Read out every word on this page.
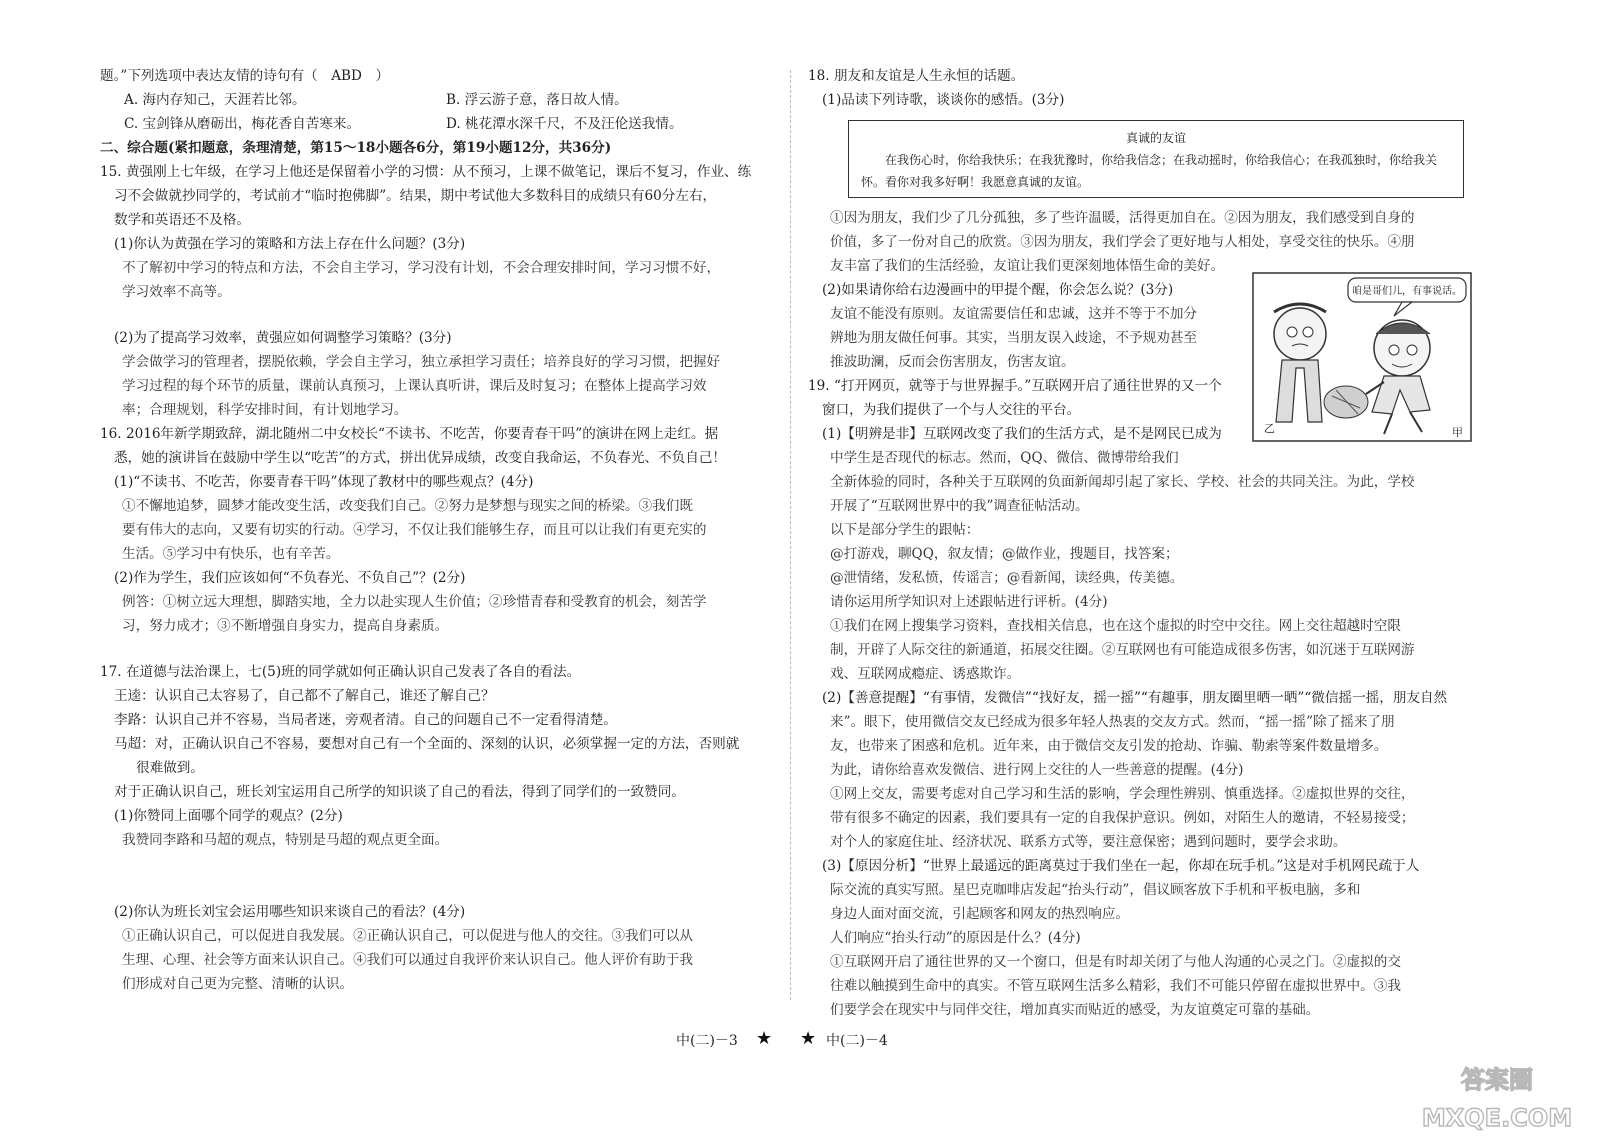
题。”下列选项中表达友情的诗句有（　ABD　）

A. 海内存知己，天涯若比邻。	B. 浮云游子意，落日故人情。
C. 宝剑锋从磨砺出，梅花香自苦寒来。	D. 桃花潭水深千尺，不及汪伦送我情。

二、综合题(紧扣题意，条理清楚，第15～18小题各6分，第19小题12分，共36分)

15. 黄强刚上七年级，在学习上他还是保留着小学的习惯：从不预习，上课不做笔记，课后不复习，作业、练

习不会做就抄同学的，考试前才“临时抱佛脚”。结果，期中考试他大多数科目的成绩只有60分左右，

数学和英语还不及格。

(1)你认为黄强在学习的策略和方法上存在什么问题？(3分)

不了解初中学习的特点和方法，不会自主学习，学习没有计划，不会合理安排时间，学习习惯不好，

学习效率不高等。

(2)为了提高学习效率，黄强应如何调整学习策略？(3分)

学会做学习的管理者，摆脱依赖，学会自主学习，独立承担学习责任；培养良好的学习习惯，把握好

学习过程的每个环节的质量，课前认真预习，上课认真听讲，课后及时复习；在整体上提高学习效

率；合理规划，科学安排时间，有计划地学习。

16. 2016年新学期致辞，湖北随州二中女校长“不读书、不吃苦，你要青春干吗”的演讲在网上走红。据

悉，她的演讲旨在鼓励中学生以“吃苦”的方式，拼出优异成绩，改变自我命运，不负春光、不负自己！

(1)“不读书、不吃苦，你要青春干吗”体现了教材中的哪些观点？(4分)

①不懈地追梦，圆梦才能改变生活，改变我们自己。②努力是梦想与现实之间的桥梁。③我们既

要有伟大的志向，又要有切实的行动。④学习，不仅让我们能够生存，而且可以让我们有更充实的

生活。⑤学习中有快乐，也有辛苦。

(2)作为学生，我们应该如何“不负春光、不负自己”？(2分)

例答：①树立远大理想，脚踏实地，全力以赴实现人生价值；②珍惜青春和受教育的机会，刻苦学

习，努力成才；③不断增强自身实力，提高自身素质。

17. 在道德与法治课上，七(5)班的同学就如何正确认识自己发表了各自的看法。

王逵：认识自己太容易了，自己都不了解自己，谁还了解自己？

李路：认识自己并不容易，当局者迷，旁观者清。自己的问题自己不一定看得清楚。

马超：对，正确认识自己不容易，要想对自己有一个全面的、深刻的认识，必须掌握一定的方法，否则就

很难做到。

对于正确认识自己，班长刘宝运用自己所学的知识谈了自己的看法，得到了同学们的一致赞同。

(1)你赞同上面哪个同学的观点？(2分)

我赞同李路和马超的观点，特别是马超的观点更全面。

(2)你认为班长刘宝会运用哪些知识来谈自己的看法？(4分)

①正确认识自己，可以促进自我发展。②正确认识自己，可以促进与他人的交往。③我们可以从

生理、心理、社会等方面来认识自己。④我们可以通过自我评价来认识自己。他人评价有助于我

们形成对自己更为完整、清晰的认识。

18. 朋友和友谊是人生永恒的话题。

(1)品读下列诗歌，谈谈你的感悟。(3分)

真诚的友谊

在我伤心时，你给我快乐；在我犹豫时，你给我信念；在我动摇时，你给我信心；在我孤独时，你给我关怀。看你对我多好啊！我愿意真诚的友谊。

①因为朋友，我们少了几分孤独，多了些许温暖，活得更加自在。②因为朋友，我们感受到自身的

价值，多了一份对自己的欣赏。③因为朋友，我们学会了更好地与人相处，享受交往的快乐。④朋

友丰富了我们的生活经验，友谊让我们更深刻地体悟生命的美好。

咱是哥们儿，有事说话。
乙	甲

(2)如果请你给右边漫画中的甲提个醒，你会怎么说？(3分)

友谊不能没有原则。友谊需要信任和忠诚，这并不等于不加分

辨地为朋友做任何事。其实，当朋友误入歧途，不予规劝甚至

推波助澜，反而会伤害朋友，伤害友谊。

19. “打开网页，就等于与世界握手。”互联网开启了通往世界的又一个

窗口，为我们提供了一个与人交往的平台。

(1)【明辨是非】互联网改变了我们的生活方式，是不是网民已成为

中学生是否现代的标志。然而，QQ、微信、微博带给我们

全新体验的同时，各种关于互联网的负面新闻却引起了家长、学校、社会的共同关注。为此，学校

开展了“互联网世界中的我”调查征帖活动。

以下是部分学生的跟帖：

@打游戏，聊QQ，叙友情；@做作业，搜题目，找答案；

@泄情绪，发私愤，传谣言；@看新闻，读经典，传美德。

请你运用所学知识对上述跟帖进行评析。(4分)

①我们在网上搜集学习资料，查找相关信息，也在这个虚拟的时空中交往。网上交往超越时空限

制，开辟了人际交往的新通道，拓展交往圈。②互联网也有可能造成很多伤害，如沉迷于互联网游

戏、互联网成瘾症、诱惑欺诈。

(2)【善意提醒】“有事情，发微信”“找好友，摇一摇”“有趣事，朋友圈里晒一晒”“微信摇一摇，朋友自然

来”。眼下，使用微信交友已经成为很多年轻人热衷的交友方式。然而，“摇一摇”除了摇来了朋

友，也带来了困惑和危机。近年来，由于微信交友引发的抢劫、诈骗、勒索等案件数量增多。

为此，请你给喜欢发微信、进行网上交往的人一些善意的提醒。(4分)

①网上交友，需要考虑对自己学习和生活的影响，学会理性辨别、慎重选择。②虚拟世界的交往，

带有很多不确定的因素，我们要具有一定的自我保护意识。例如，对陌生人的邀请，不轻易接受；

对个人的家庭住址、经济状况、联系方式等，要注意保密；遇到问题时，要学会求助。

(3)【原因分析】“世界上最遥远的距离莫过于我们坐在一起，你却在玩手机。”这是对手机网民疏于人

际交流的真实写照。星巴克咖啡店发起“抬头行动”，倡议顾客放下手机和平板电脑，多和

身边人面对面交流，引起顾客和网友的热烈响应。

人们响应“抬头行动”的原因是什么？(4分)

①互联网开启了通往世界的又一个窗口，但是有时却关闭了与他人沟通的心灵之门。②虚拟的交

往难以触摸到生命中的真实。不管互联网生活多么精彩，我们不可能只停留在虚拟世界中。③我

们要学会在现实中与同伴交往，增加真实而贴近的感受，为友谊奠定可靠的基础。

中(二)－3 ★ ★ 中(二)－4
答案圈
MXQE.COM
